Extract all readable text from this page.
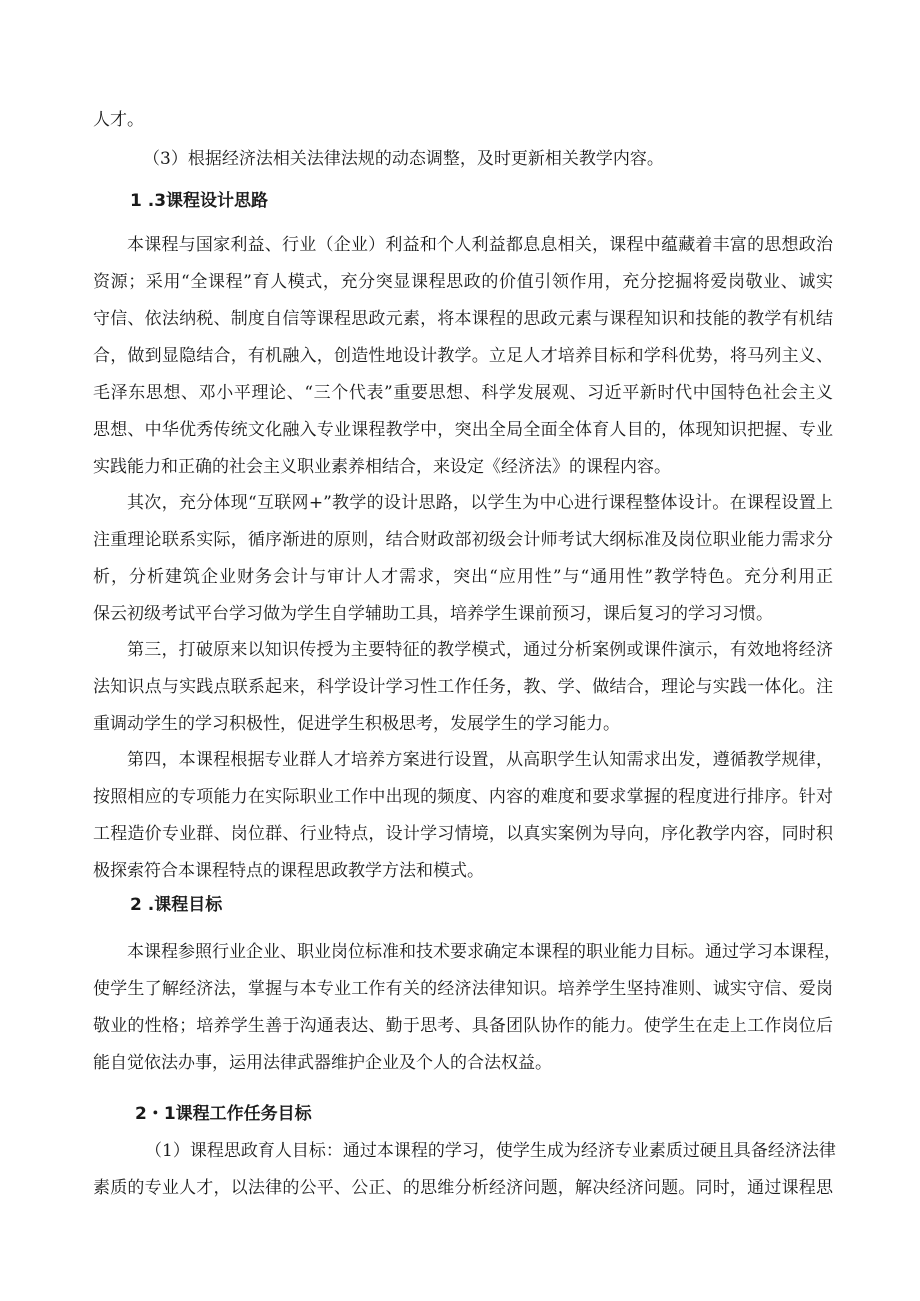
人才。
（3）根据经济法相关法律法规的动态调整，及时更新相关教学内容。
1 .3课程设计思路
本课程与国家利益、行业（企业）利益和个人利益都息息相关，课程中蕴藏着丰富的思想政治
资源；采用“全课程”育人模式，充分突显课程思政的价值引领作用，充分挖掘将爱岗敬业、诚实
守信、依法纳税、制度自信等课程思政元素，将本课程的思政元素与课程知识和技能的教学有机结
合，做到显隐结合，有机融入，创造性地设计教学。立足人才培养目标和学科优势，将马列主义、
毛泽东思想、邓小平理论、“三个代表”重要思想、科学发展观、习近平新时代中国特色社会主义
思想、中华优秀传统文化融入专业课程教学中，突出全局全面全体育人目的，体现知识把握、专业
实践能力和正确的社会主义职业素养相结合，来设定《经济法》的课程内容。
其次，充分体现“互联网+”教学的设计思路，以学生为中心进行课程整体设计。在课程设置上
注重理论联系实际，循序渐进的原则，结合财政部初级会计师考试大纲标准及岗位职业能力需求分
析，分析建筑企业财务会计与审计人才需求，突出“应用性”与“通用性”教学特色。充分利用正
保云初级考试平台学习做为学生自学辅助工具，培养学生课前预习，课后复习的学习习惯。
第三，打破原来以知识传授为主要特征的教学模式，通过分析案例或课件演示，有效地将经济
法知识点与实践点联系起来，科学设计学习性工作任务，教、学、做结合，理论与实践一体化。注
重调动学生的学习积极性，促进学生积极思考，发展学生的学习能力。
第四，本课程根据专业群人才培养方案进行设置，从高职学生认知需求出发，遵循教学规律，
按照相应的专项能力在实际职业工作中出现的频度、内容的难度和要求掌握的程度进行排序。针对
工程造价专业群、岗位群、行业特点，设计学习情境，以真实案例为导向，序化教学内容，同时积
极探索符合本课程特点的课程思政教学方法和模式。
2 .课程目标
本课程参照行业企业、职业岗位标准和技术要求确定本课程的职业能力目标。通过学习本课程，
使学生了解经济法，掌握与本专业工作有关的经济法律知识。培养学生坚持准则、诚实守信、爱岗
敬业的性格；培养学生善于沟通表达、勤于思考、具备团队协作的能力。使学生在走上工作岗位后
能自觉依法办事，运用法律武器维护企业及个人的合法权益。
2・1课程工作任务目标
（1）课程思政育人目标：通过本课程的学习，使学生成为经济专业素质过硬且具备经济法律
素质的专业人才，以法律的公平、公正、的思维分析经济问题，解决经济问题。同时，通过课程思
